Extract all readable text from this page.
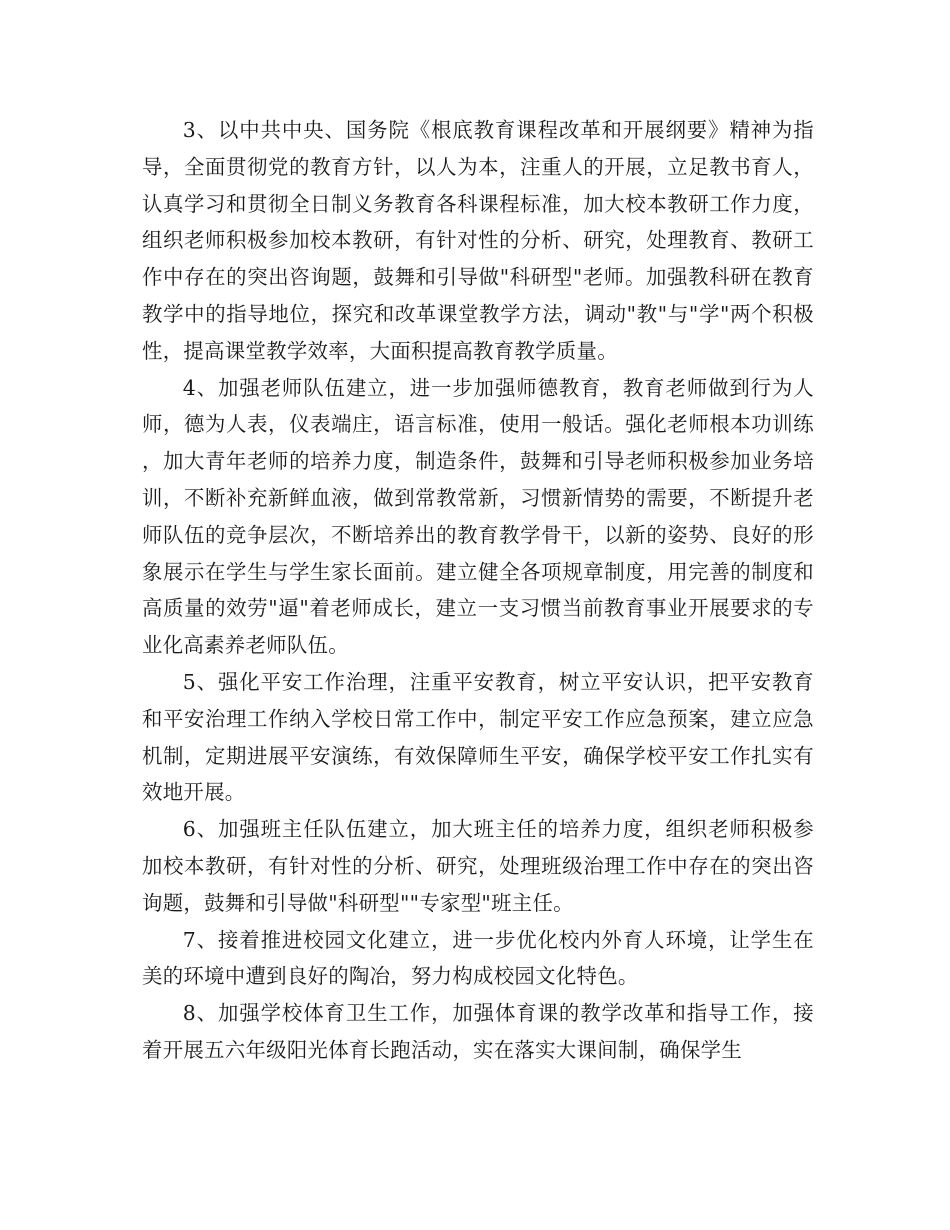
3、以中共中央、国务院《根底教育课程改革和开展纲要》精神为指导，全面贯彻党的教育方针，以人为本，注重人的开展，立足教书育人，认真学习和贯彻全日制义务教育各科课程标准，加大校本教研工作力度，组织老师积极参加校本教研，有针对性的分析、研究，处理教育、教研工作中存在的突出咨询题，鼓舞和引导做"科研型"老师。加强教科研在教育教学中的指导地位，探究和改革课堂教学方法，调动"教"与"学"两个积极性，提高课堂教学效率，大面积提高教育教学质量。

4、加强老师队伍建立，进一步加强师德教育，教育老师做到行为人师，德为人表，仪表端庄，语言标准，使用一般话。强化老师根本功训练，加大青年老师的培养力度，制造条件，鼓舞和引导老师积极参加业务培训，不断补充新鲜血液，做到常教常新，习惯新情势的需要，不断提升老师队伍的竞争层次，不断培养出的教育教学骨干，以新的姿势、良好的形象展示在学生与学生家长面前。建立健全各项规章制度，用完善的制度和高质量的效劳"逼"着老师成长，建立一支习惯当前教育事业开展要求的专业化高素养老师队伍。

5、强化平安工作治理，注重平安教育，树立平安认识，把平安教育和平安治理工作纳入学校日常工作中，制定平安工作应急预案，建立应急机制，定期进展平安演练，有效保障师生平安，确保学校平安工作扎实有效地开展。

6、加强班主任队伍建立，加大班主任的培养力度，组织老师积极参加校本教研，有针对性的分析、研究，处理班级治理工作中存在的突出咨询题，鼓舞和引导做"科研型""专家型"班主任。

7、接着推进校园文化建立，进一步优化校内外育人环境，让学生在美的环境中遭到良好的陶冶，努力构成校园文化特色。

8、加强学校体育卫生工作，加强体育课的教学改革和指导工作，接着开展五六年级阳光体育长跑活动，实在落实大课间制，确保学生
